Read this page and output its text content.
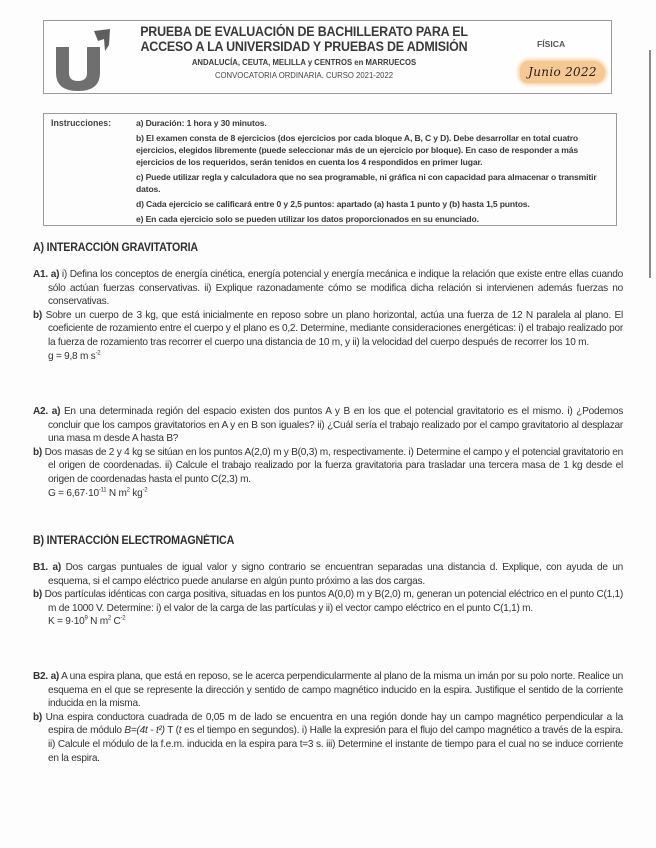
PRUEBA DE EVALUACIÓN DE BACHILLERATO PARA EL
ACCESO A LA UNIVERSIDAD Y PRUEBAS DE ADMISIÓN
ANDALUCÍA, CEUTA, MELILLA y CENTROS en MARRUECOS
CONVOCATORIA ORDINARIA. CURSO 2021-2022
FÍSICA
Junio 2022
Instrucciones:	a) Duración: 1 hora y 30 minutos.
b) El examen consta de 8 ejercicios (dos ejercicios por cada bloque A, B, C y D). Debe desarrollar en total cuatro ejercicios, elegidos libremente (puede seleccionar más de un ejercicio por bloque). En caso de responder a más ejercicios de los requeridos, serán tenidos en cuenta los 4 respondidos en primer lugar.
c) Puede utilizar regla y calculadora que no sea programable, ni gráfica ni con capacidad para almacenar o transmitir datos.
d) Cada ejercicio se calificará entre 0 y 2,5 puntos: apartado (a) hasta 1 punto y (b) hasta 1,5 puntos.
e) En cada ejercicio solo se pueden utilizar los datos proporcionados en su enunciado.
A) INTERACCIÓN GRAVITATORIA
A1. a) i) Defina los conceptos de energía cinética, energía potencial y energía mecánica e indique la relación que existe entre ellas cuando sólo actúan fuerzas conservativas. ii) Explique razonadamente cómo se modifica dicha relación si intervienen además fuerzas no conservativas.
b) Sobre un cuerpo de 3 kg, que está inicialmente en reposo sobre un plano horizontal, actúa una fuerza de 12 N paralela al plano. El coeficiente de rozamiento entre el cuerpo y el plano es 0,2. Determine, mediante consideraciones energéticas: i) el trabajo realizado por la fuerza de rozamiento tras recorrer el cuerpo una distancia de 10 m, y ii) la velocidad del cuerpo después de recorrer los 10 m.
g = 9,8 m $s^{-2}$
A2. a) En una determinada región del espacio existen dos puntos A y B en los que el potencial gravitatorio es el mismo. i) ¿Podemos concluir que los campos gravitatorios en A y en B son iguales? ii) ¿Cuál sería el trabajo realizado por el campo gravitatorio al desplazar una masa m desde A hasta B?
b) Dos masas de 2 y 4 kg se sitúan en los puntos A(2,0) m y B(0,3) m, respectivamente. i) Determine el campo y el potencial gravitatorio en el origen de coordenadas. ii) Calcule el trabajo realizado por la fuerza gravitatoria para trasladar una tercera masa de 1 kg desde el origen de coordenadas hasta el punto C(2,3) m.
$G = 6,67\cdot 10^{-11}$ N $m^2$ $kg^{-2}$
B) INTERACCIÓN ELECTROMAGNÉTICA
B1. a) Dos cargas puntuales de igual valor y signo contrario se encuentran separadas una distancia d. Explique, con ayuda de un esquema, si el campo eléctrico puede anularse en algún punto próximo a las dos cargas.
b) Dos partículas idénticas con carga positiva, situadas en los puntos A(0,0) m y B(2,0) m, generan un potencial eléctrico en el punto C(1,1) m de 1000 V. Determine: i) el valor de la carga de las partículas y ii) el vector campo eléctrico en el punto C(1,1) m.
$K = 9\cdot 10^9$ N $m^2$ $C^{-2}$
B2. a) A una espira plana, que está en reposo, se le acerca perpendicularmente al plano de la misma un imán por su polo norte. Realice un esquema en el que se represente la dirección y sentido de campo magnético inducido en la espira. Justifique el sentido de la corriente inducida en la misma.
b) Una espira conductora cuadrada de 0,05 m de lado se encuentra en una región donde hay un campo magnético perpendicular a la espira de módulo B=(4t - t²) T (t es el tiempo en segundos). i) Halle la expresión para el flujo del campo magnético a través de la espira. ii) Calcule el módulo de la f.e.m. inducida en la espira para t=3 s. iii) Determine el instante de tiempo para el cual no se induce corriente en la espira.
